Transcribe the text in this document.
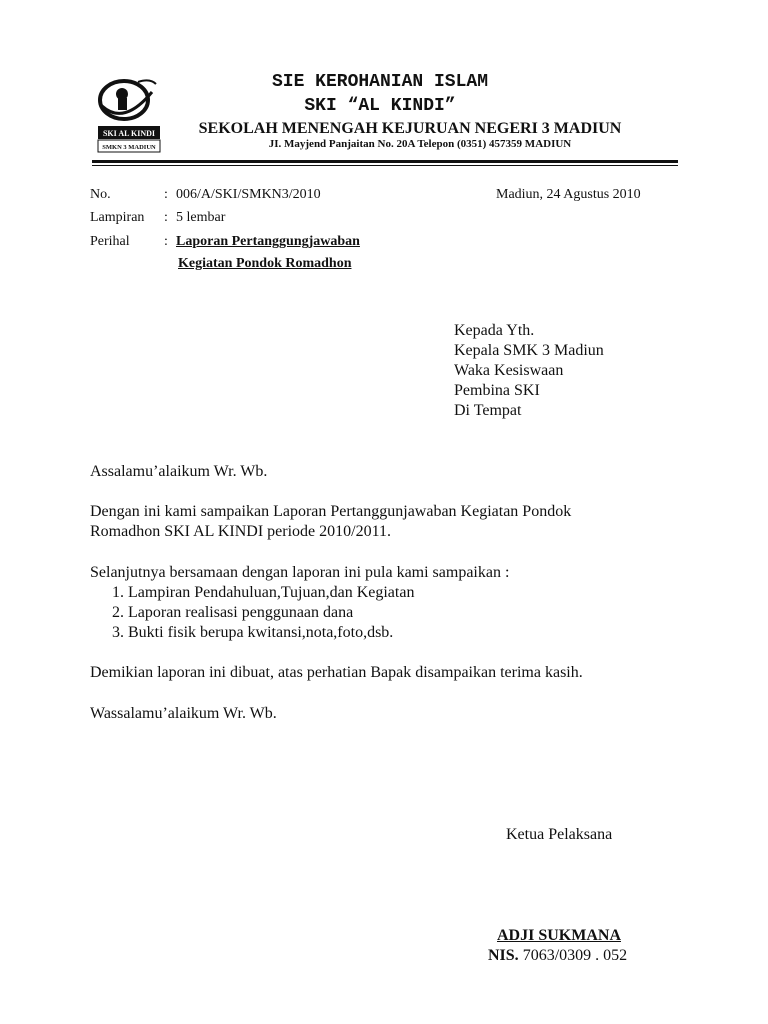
SKI AL KINDI
SMKN 3 MADIUN
SIE KEROHANIAN ISLAM
SKI “AL KINDI”
SEKOLAH MENENGAH KEJURUAN NEGERI 3 MADIUN
JI. Mayjend Panjaitan No. 20A Telepon (0351) 457359 MADIUN
No.	: 006/A/SKI/SMKN3/2010	Madiun, 24 Agustus 2010
Lampiran : 5 lembar
Perihal : Laporan Pertanggungjawaban
Kegiatan Pondok Romadhon
Kepada Yth.
Kepala SMK 3 Madiun
Waka Kesiswaan
Pembina SKI
Di Tempat
Assalamu’alaikum Wr. Wb.
Dengan ini kami sampaikan Laporan Pertanggunjawaban Kegiatan Pondok
Romadhon SKI AL KINDI periode 2010/2011.
Selanjutnya bersamaan dengan laporan ini pula kami sampaikan :
1. Lampiran Pendahuluan,Tujuan,dan Kegiatan
2. Laporan realisasi penggunaan dana
3. Bukti fisik berupa kwitansi,nota,foto,dsb.
Demikian laporan ini dibuat, atas perhatian Bapak disampaikan terima kasih.
Wassalamu’alaikum Wr. Wb.
Ketua Pelaksana
ADJI SUKMANA
NIS. 7063/0309 . 052
